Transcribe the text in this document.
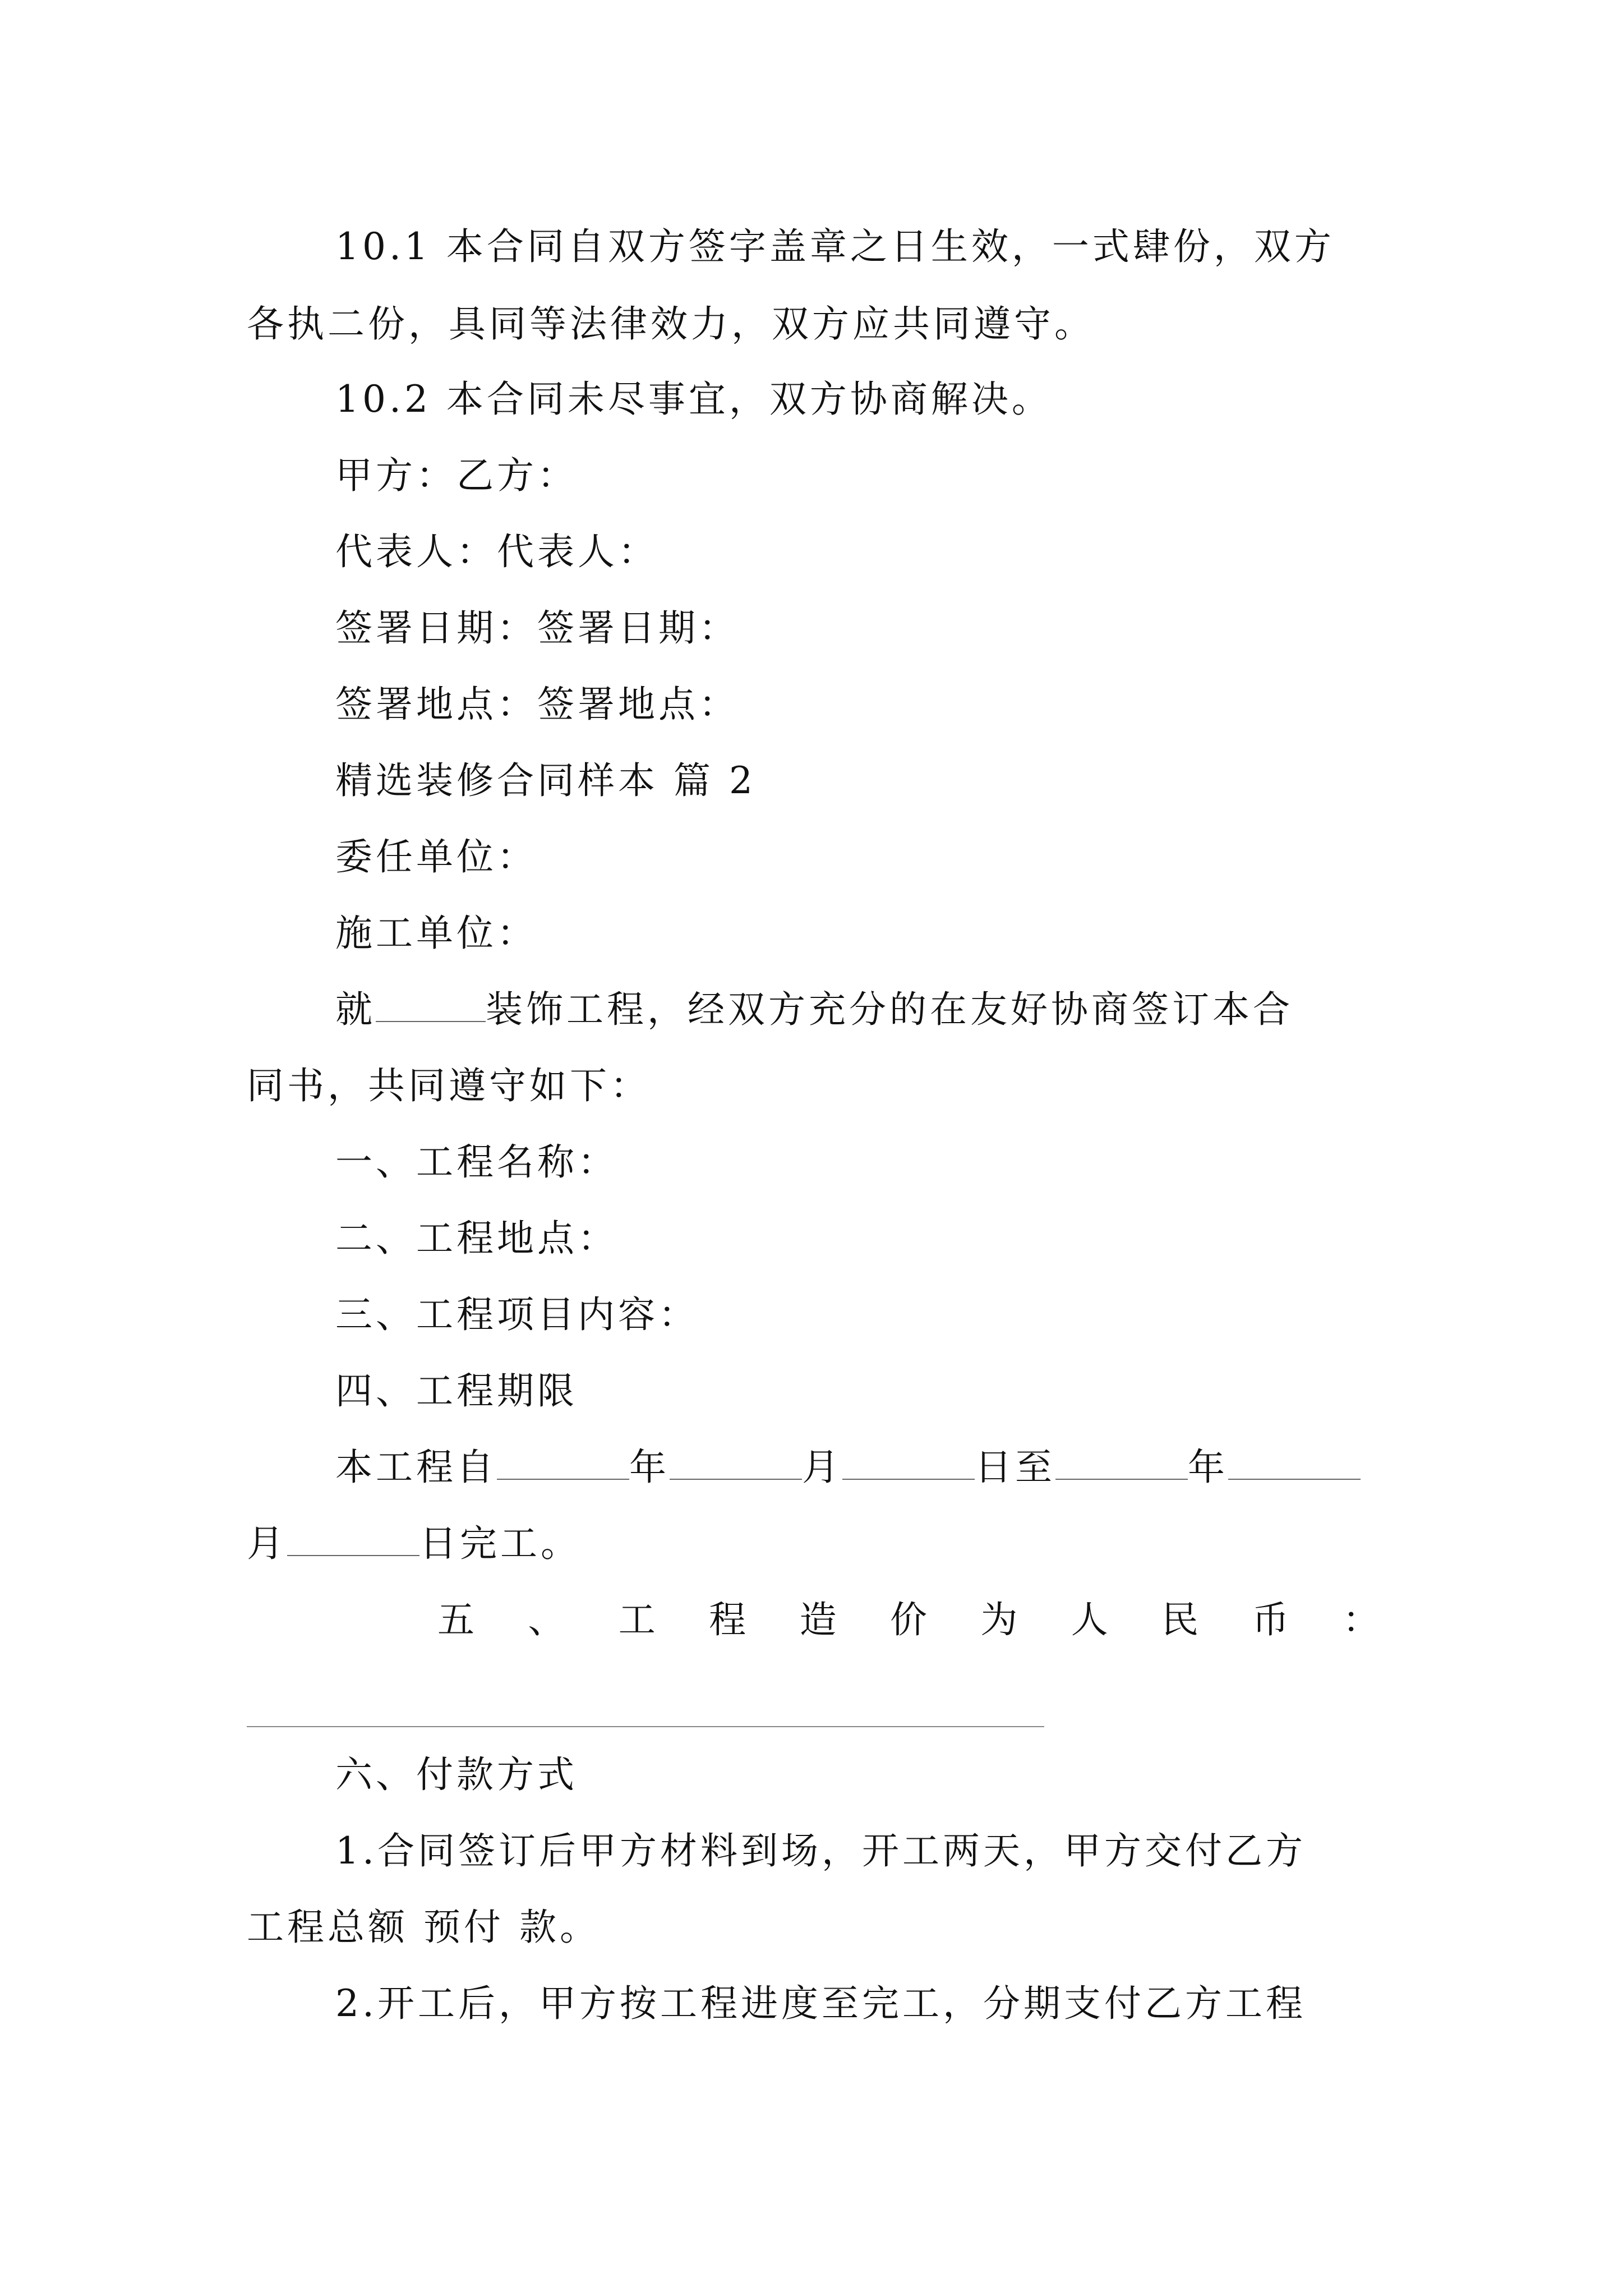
10.1 本合同自双方签字盖章之日生效，一式肆份，双方
各执二份，具同等法律效力，双方应共同遵守。
10.2 本合同未尽事宜，双方协商解决。
甲方：乙方：
代表人：代表人：
签署日期：签署日期：
签署地点：签署地点：
精选装修合同样本 篇 2
委任单位：
施工单位：
就	装饰工程，经双方充分的在友好协商签订本合
同书，共同遵守如下：
一、工程名称：
二、工程地点：
三、工程项目内容：
四、工程期限
本工程自	年	月	日至	年
月	日完工。
五 、 工 程 造 价 为 人 民 币 ：
六、付款方式
1.合同签订后甲方材料到场，开工两天，甲方交付乙方
工程总额 预付 款。
2.开工后，甲方按工程进度至完工，分期支付乙方工程
